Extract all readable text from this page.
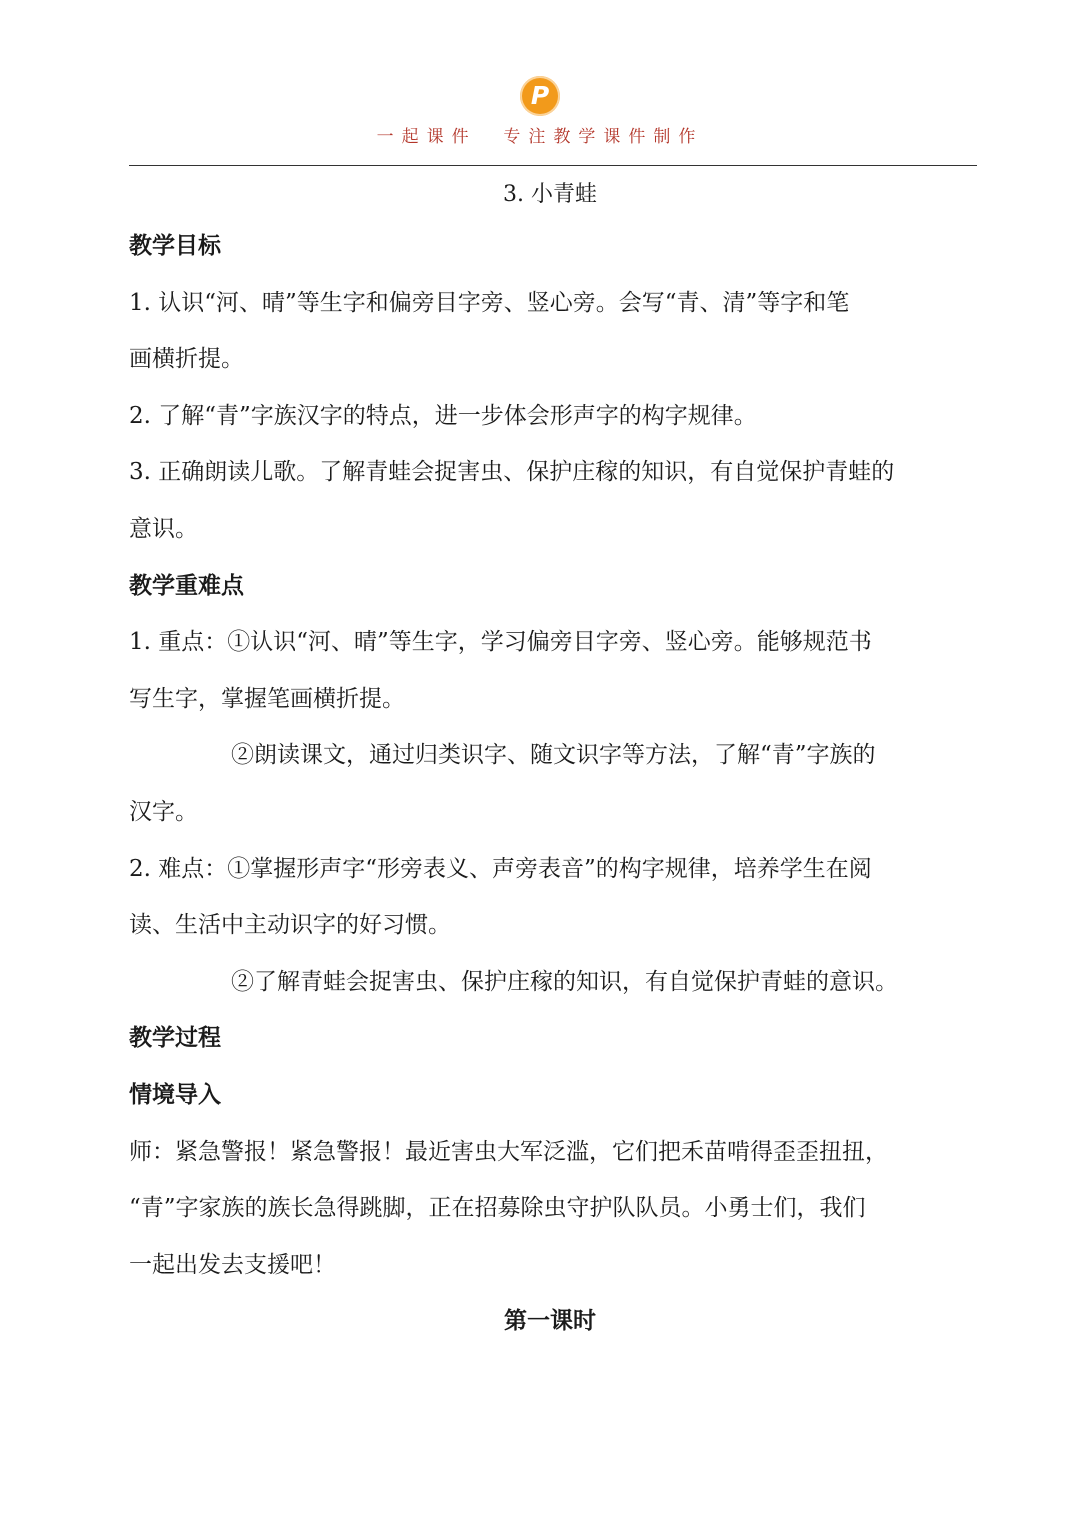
P
一起课件  专注教学课件制作
3. 小青蛙

教学目标

1. 认识“河、晴”等生字和偏旁目字旁、竖心旁。会写“青、清”等字和笔

画横折提。

2. 了解“青”字族汉字的特点，进一步体会形声字的构字规律。

3. 正确朗读儿歌。了解青蛙会捉害虫、保护庄稼的知识，有自觉保护青蛙的

意识。

教学重难点

1. 重点：①认识“河、晴”等生字，学习偏旁目字旁、竖心旁。能够规范书

写生字，掌握笔画横折提。

②朗读课文，通过归类识字、随文识字等方法，了解“青”字族的

汉字。

2. 难点：①掌握形声字“形旁表义、声旁表音”的构字规律，培养学生在阅

读、生活中主动识字的好习惯。

②了解青蛙会捉害虫、保护庄稼的知识，有自觉保护青蛙的意识。

教学过程

情境导入

师：紧急警报！紧急警报！最近害虫大军泛滥，它们把禾苗啃得歪歪扭扭，

“青”字家族的族长急得跳脚，正在招募除虫守护队队员。小勇士们，我们

一起出发去支援吧！

第一课时
